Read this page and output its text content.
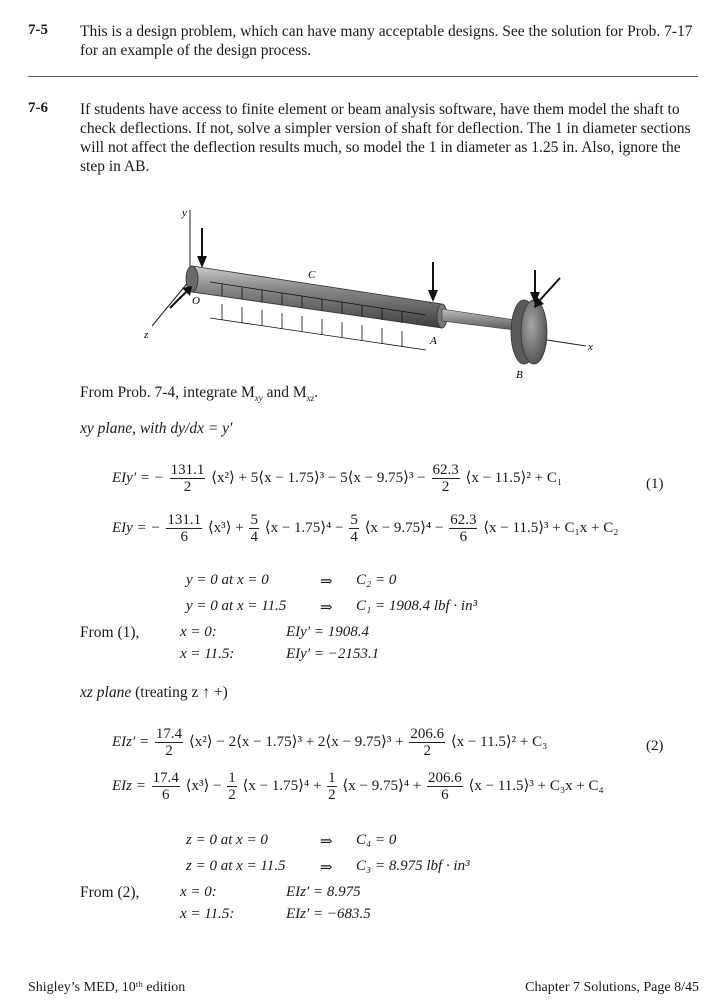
7-5 This is a design problem, which can have many acceptable designs. See the solution for Prob. 7-17 for an example of the design process.
7-6 If students have access to finite element or beam analysis software, have them model the shaft to check deflections. If not, solve a simpler version of shaft for deflection. The 1 in diameter sections will not affect the deflection results much, so model the 1 in diameter as 1.25 in. Also, ignore the step in AB.
y
z
x
O
C
A
B
From Prob. 7-4, integrate $M_{xy}$ and $M_{xz}$.
xy plane, with dy/dx = y′
EIy′ = − $\frac{131.1}{2}$ ⟨x²⟩ + 5⟨x − 1.75⟩³ − 5⟨x − 9.75⟩³ − $\frac{62.3}{2}$ ⟨x − 11.5⟩² + C₁	(1)
EIy = − $\frac{131.1}{6}$ ⟨x³⟩ + $\frac{5}{4}$ ⟨x − 1.75⟩⁴ − $\frac{5}{4}$ ⟨x − 9.75⟩⁴ − $\frac{62.3}{6}$ ⟨x − 11.5⟩³ + C₁x + C₂
y = 0 at x = 0	⇒ C₂ = 0
y = 0 at x = 11.5 ⇒ C₁ = 1908.4 lbf · in³
From (1),	x = 0:	EIy′ = 1908.4
x = 11.5:	EIy′ = −2153.1
xz plane (treating z ↑ +)
$EIz' = \frac{17.4}{2}$ ⟨x²⟩ − 2⟨x − 1.75⟩³ + 2⟨x − 9.75⟩³ + $\frac{206.6}{2}$ ⟨x − 11.5⟩² + C₃	(2)
EIz = $\frac{17.4}{6}$ ⟨x³⟩ − $\frac{1}{2}$ ⟨x − 1.75⟩⁴ + $\frac{1}{2}$ ⟨x − 9.75⟩⁴ + $\frac{206.6}{6}$ ⟨x − 11.5⟩³ + C₃x + C₄
z = 0 at x = 0	⇒ C₄ = 0
z = 0 at x = 11.5 ⇒ C₃ = 8.975 lbf · in³
From (2),	x = 0:	EIz′ = 8.975
x = 11.5:	EIz′ = −683.5
Shigley’s MED, 10ᵗʰ edition	Chapter 7 Solutions, Page 8/45
